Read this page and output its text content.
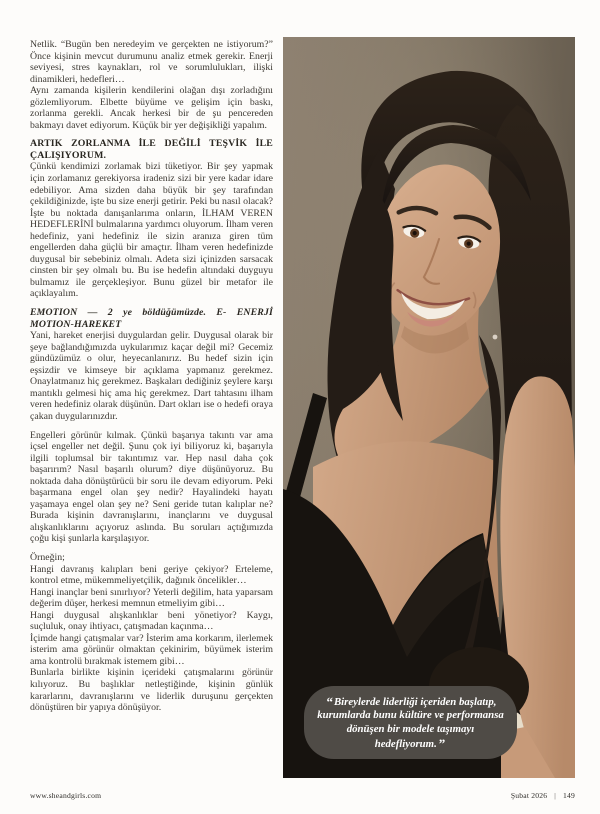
Netlik. “Bugün ben neredeyim ve gerçekten ne istiyorum?” Önce kişinin mevcut durumunu analiz etmek gerekir. Enerji seviyesi, stres kaynakları, rol ve sorumlulukları, ilişki dinamikleri, hedefleri…

Aynı zamanda kişilerin kendilerini olağan dışı zorladığını gözlemliyorum. Elbette büyüme ve gelişim için baskı, zorlanma gerekli. Ancak herkesi bir de şu pencereden bakmayı davet ediyorum. Küçük bir yer değişikliği yapalım.

ARTIK ZORLANMA İLE DEĞİLİ TEŞVİK İLE ÇALIŞIYORUM.

Çünkü kendimizi zorlamak bizi tüketiyor. Bir şey yapmak için zorlamanız gerekiyorsa iradeniz sizi bir yere kadar idare edebiliyor. Ama sizden daha büyük bir şey tarafından çekildiğinizde, işte bu size enerji getirir. Peki bu nasıl olacak? İşte bu noktada danışanlarıma onların, İLHAM VEREN HEDEFLERİNİ bulmalarına yardımcı oluyorum. İlham veren hedefiniz, yani hedefiniz ile sizin aranıza giren tüm engellerden daha güçlü bir amaçtır. İlham veren hedefinizde duygusal bir sebebiniz olmalı. Adeta sizi içinizden sarsacak cinsten bir şey olmalı bu. Bu ise hedefin altındaki duyguyu bulmamız ile gerçekleşiyor. Bunu güzel bir metafor ile açıklayalım.

EMOTION — 2 ye böldüğümüzde. E- ENERJİ MOTION-HAREKET

Yani, hareket enerjisi duygulardan gelir. Duygusal olarak bir şeye bağlandığımızda uykularımız kaçar değil mi? Gecemiz gündüzümüz o olur, heyecanlanırız. Bu hedef sizin için eşsizdir ve kimseye bir açıklama yapmanız gerekmez. Onaylatmanız hiç gerekmez. Başkaları dediğiniz şeylere karşı mantıklı gelmesi hiç ama hiç gerekmez. Dart tahtasını ilham veren hedefiniz olarak düşünün. Dart okları ise o hedefi oraya çakan duygularınızdır.

Engelleri görünür kılmak. Çünkü başarıya takıntı var ama içsel engeller net değil. Şunu çok iyi biliyoruz ki, başarıyla ilgili toplumsal bir takıntımız var. Hep nasıl daha çok başarırım? Nasıl başarılı olurum? diye düşünüyoruz. Bu noktada daha dönüştürücü bir soru ile devam ediyorum. Peki başarmana engel olan şey nedir? Hayalindeki hayatı yaşamaya engel olan şey ne? Seni geride tutan kalıplar ne? Burada kişinin davranışlarını, inançlarını ve duygusal alışkanlıklarını açıyoruz aslında. Bu soruları açtığımızda çoğu kişi şunlarla karşılaşıyor.

Örneğin;

Hangi davranış kalıpları beni geriye çekiyor? Erteleme, kontrol etme, mükemmeliyetçilik, dağınık öncelikler…

Hangi inançlar beni sınırlıyor? Yeterli değilim, hata yaparsam değerim düşer, herkesi memnun etmeliyim gibi…

Hangi duygusal alışkanlıklar beni yönetiyor? Kaygı, suçluluk, onay ihtiyacı, çatışmadan kaçınma…

İçimde hangi çatışmalar var? İsterim ama korkarım, ilerlemek isterim ama görünür olmaktan çekinirim, büyümek isterim ama kontrolü bırakmak istemem gibi…

Bunlarla birlikte kişinin içerideki çatışmalarını görünür kılıyoruz. Bu başlıklar netleştiğinde, kişinin günlük kararlarını, davranışlarını ve liderlik duruşunu gerçekten dönüştüren bir yapıya dönüşüyor.	“ Bireylerde liderliği içeriden başlatıp, kurumlarda bunu kültüre ve performansa dönüşen bir modele taşımayı hedefliyorum. ”
www.sheandgirls.com	Şubat 2026 | 149
